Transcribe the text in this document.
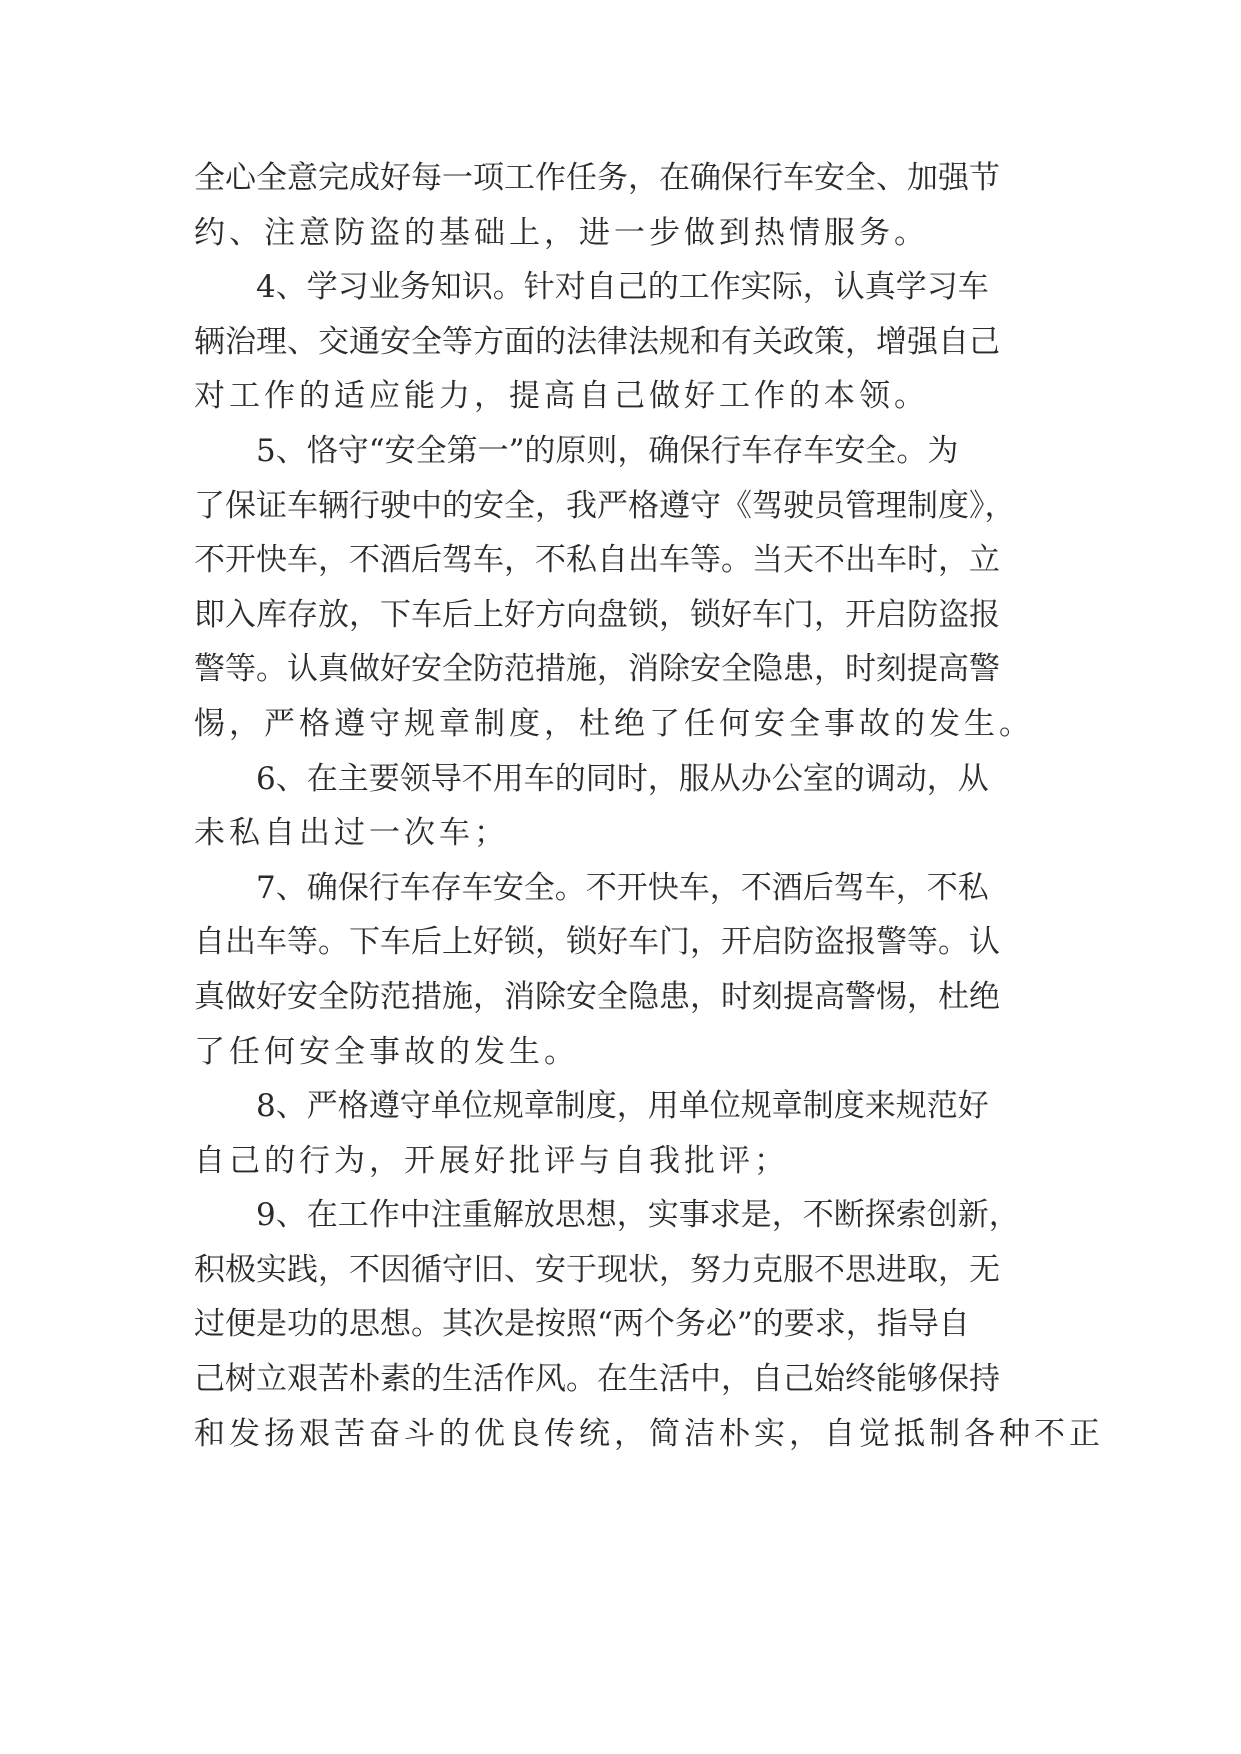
全心全意完成好每一项工作任务，在确保行车安全、加强节
约、注意防盗的基础上，进一步做到热情服务。
4、学习业务知识。针对自己的工作实际，认真学习车
辆治理、交通安全等方面的法律法规和有关政策，增强自己
对工作的适应能力，提高自己做好工作的本领。
5、恪守“安全第一”的原则，确保行车存车安全。为
了保证车辆行驶中的安全，我严格遵守《驾驶员管理制度》，
不开快车，不酒后驾车，不私自出车等。当天不出车时，立
即入库存放，下车后上好方向盘锁，锁好车门，开启防盗报
警等。认真做好安全防范措施，消除安全隐患，时刻提高警
惕，严格遵守规章制度，杜绝了任何安全事故的发生。
6、在主要领导不用车的同时，服从办公室的调动，从
未私自出过一次车；
7、确保行车存车安全。不开快车，不酒后驾车，不私
自出车等。下车后上好锁，锁好车门，开启防盗报警等。认
真做好安全防范措施，消除安全隐患，时刻提高警惕，杜绝
了任何安全事故的发生。
8、严格遵守单位规章制度，用单位规章制度来规范好
自己的行为，开展好批评与自我批评；
9、在工作中注重解放思想，实事求是，不断探索创新，
积极实践，不因循守旧、安于现状，努力克服不思进取，无
过便是功的思想。其次是按照“两个务必”的要求，指导自
己树立艰苦朴素的生活作风。在生活中，自己始终能够保持
和发扬艰苦奋斗的优良传统，简洁朴实，自觉抵制各种不正
